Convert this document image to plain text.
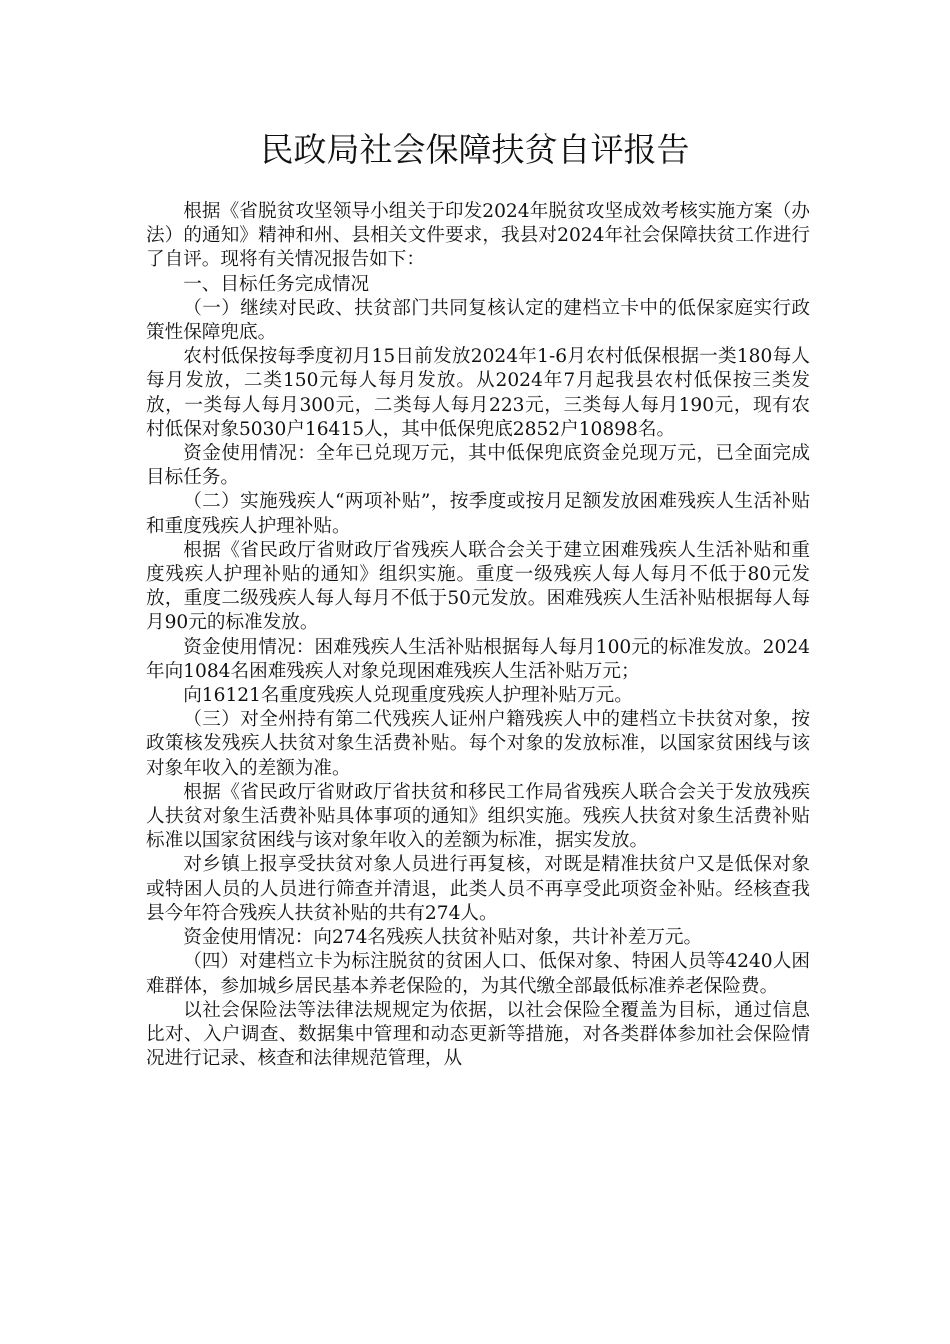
民政局社会保障扶贫自评报告

根据《省脱贫攻坚领导小组关于印发2024年脱贫攻坚成效考核实施方案（办法）的通知》精神和州、县相关文件要求，我县对2024年社会保障扶贫工作进行了自评。现将有关情况报告如下：

一、目标任务完成情况

（一）继续对民政、扶贫部门共同复核认定的建档立卡中的低保家庭实行政策性保障兜底。

农村低保按每季度初月15日前发放2024年1-6月农村低保根据一类180每人每月发放，二类150元每人每月发放。从2024年7月起我县农村低保按三类发放，一类每人每月300元，二类每人每月223元，三类每人每月190元，现有农村低保对象5030户16415人，其中低保兜底2852户10898名。

资金使用情况：全年已兑现万元，其中低保兜底资金兑现万元，已全面完成目标任务。

（二）实施残疾人“两项补贴”，按季度或按月足额发放困难残疾人生活补贴和重度残疾人护理补贴。

根据《省民政厅省财政厅省残疾人联合会关于建立困难残疾人生活补贴和重度残疾人护理补贴的通知》组织实施。重度一级残疾人每人每月不低于80元发放，重度二级残疾人每人每月不低于50元发放。困难残疾人生活补贴根据每人每月90元的标准发放。

资金使用情况：困难残疾人生活补贴根据每人每月100元的标准发放。2024年向1084名困难残疾人对象兑现困难残疾人生活补贴万元；

向16121名重度残疾人兑现重度残疾人护理补贴万元。

（三）对全州持有第二代残疾人证州户籍残疾人中的建档立卡扶贫对象，按政策核发残疾人扶贫对象生活费补贴。每个对象的发放标准，以国家贫困线与该对象年收入的差额为准。

根据《省民政厅省财政厅省扶贫和移民工作局省残疾人联合会关于发放残疾人扶贫对象生活费补贴具体事项的通知》组织实施。残疾人扶贫对象生活费补贴标准以国家贫困线与该对象年收入的差额为标准，据实发放。

对乡镇上报享受扶贫对象人员进行再复核，对既是精准扶贫户又是低保对象或特困人员的人员进行筛查并清退，此类人员不再享受此项资金补贴。经核查我县今年符合残疾人扶贫补贴的共有274人。

资金使用情况：向274名残疾人扶贫补贴对象，共计补差万元。

（四）对建档立卡为标注脱贫的贫困人口、低保对象、特困人员等4240人困难群体，参加城乡居民基本养老保险的，为其代缴全部最低标准养老保险费。

以社会保险法等法律法规规定为依据，以社会保险全覆盖为目标，通过信息比对、入户调查、数据集中管理和动态更新等措施，对各类群体参加社会保险情况进行记录、核查和法律规范管理，从
